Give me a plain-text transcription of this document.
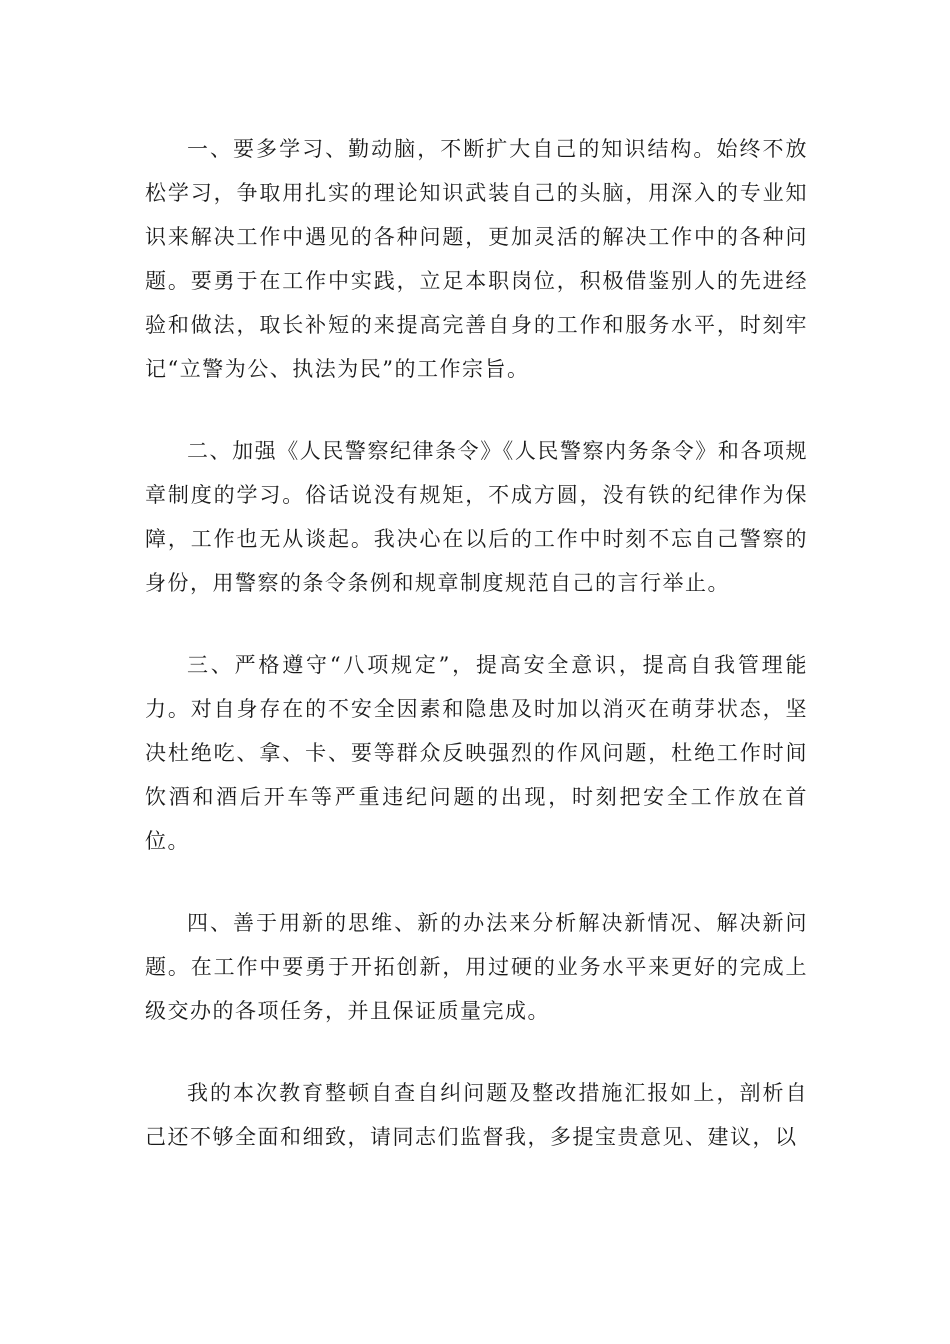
一、要多学习、勤动脑，不断扩大自己的知识结构。始终不放松学习，争取用扎实的理论知识武装自己的头脑，用深入的专业知识来解决工作中遇见的各种问题，更加灵活的解决工作中的各种问题。要勇于在工作中实践，立足本职岗位，积极借鉴别人的先进经验和做法，取长补短的来提高完善自身的工作和服务水平，时刻牢记“立警为公、执法为民”的工作宗旨。

二、加强《人民警察纪律条令》《人民警察内务条令》和各项规章制度的学习。俗话说没有规矩，不成方圆，没有铁的纪律作为保障，工作也无从谈起。我决心在以后的工作中时刻不忘自己警察的身份，用警察的条令条例和规章制度规范自己的言行举止。

三、严格遵守“八项规定”，提高安全意识，提高自我管理能力。对自身存在的不安全因素和隐患及时加以消灭在萌芽状态，坚决杜绝吃、拿、卡、要等群众反映强烈的作风问题，杜绝工作时间饮酒和酒后开车等严重违纪问题的出现，时刻把安全工作放在首位。

四、善于用新的思维、新的办法来分析解决新情况、解决新问题。在工作中要勇于开拓创新，用过硬的业务水平来更好的完成上级交办的各项任务，并且保证质量完成。

我的本次教育整顿自查自纠问题及整改措施汇报如上，剖析自己还不够全面和细致，请同志们监督我，多提宝贵意见、建议，以
